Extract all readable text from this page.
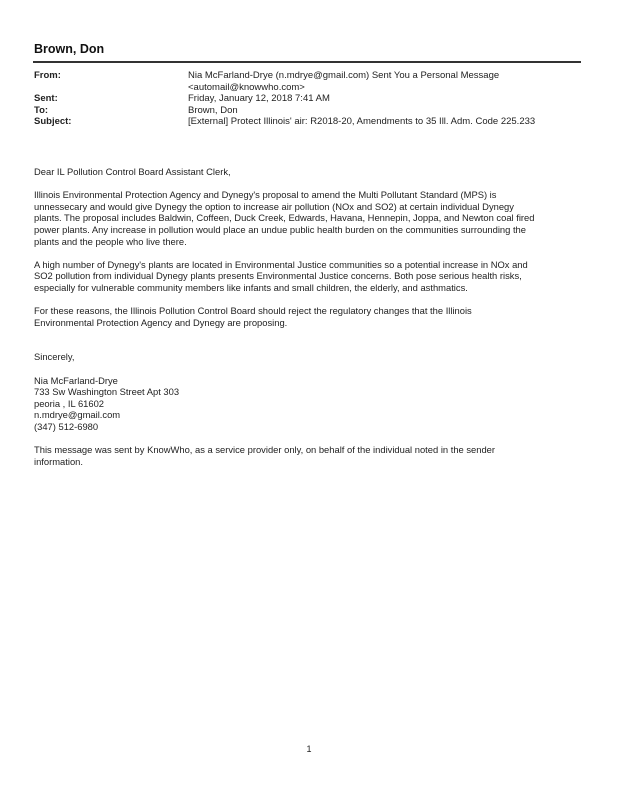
Brown, Don
From:	Nia McFarland-Drye (n.mdrye@gmail.com) Sent You a Personal Message
<automail@knowwho.com>
Sent:	Friday, January 12, 2018 7:41 AM
To:	Brown, Don
Subject:	[External] Protect Illinois' air: R2018-20, Amendments to 35 Ill. Adm. Code 225.233

Dear IL Pollution Control Board Assistant Clerk,

Illinois Environmental Protection Agency and Dynegy's proposal to amend the Multi Pollutant Standard (MPS) is
unnessecary and would give Dynegy the option to increase air pollution (NOx and SO2) at certain individual Dynegy
plants. The proposal includes Baldwin, Coffeen, Duck Creek, Edwards, Havana, Hennepin, Joppa, and Newton coal fired
power plants. Any increase in pollution would place an undue public health burden on the communities surrounding the
plants and the people who live there.

A high number of Dynegy's plants are located in Environmental Justice communities so a potential increase in NOx and
SO2 pollution from individual Dynegy plants presents Environmental Justice concerns. Both pose serious health risks,
especially for vulnerable community members like infants and small children, the elderly, and asthmatics.

For these reasons, the Illinois Pollution Control Board should reject the regulatory changes that the Illinois
Environmental Protection Agency and Dynegy are proposing.

Sincerely,

Nia McFarland-Drye
733 Sw Washington Street Apt 303
peoria , IL 61602
n.mdrye@gmail.com
(347) 512-6980

This message was sent by KnowWho, as a service provider only, on behalf of the individual noted in the sender
information.

1
